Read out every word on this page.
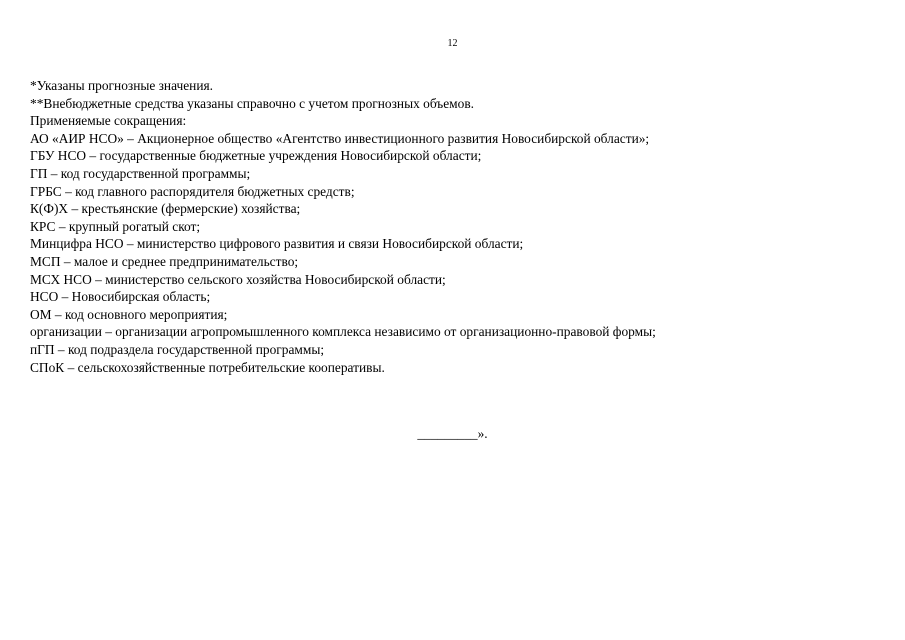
12
*Указаны прогнозные значения.
**Внебюджетные средства указаны справочно с учетом прогнозных объемов.
Применяемые сокращения:
АО «АИР НСО» – Акционерное общество «Агентство инвестиционного развития Новосибирской области»;
ГБУ НСО – государственные бюджетные учреждения Новосибирской области;
ГП – код государственной программы;
ГРБС – код главного распорядителя бюджетных средств;
К(Ф)Х – крестьянские (фермерские) хозяйства;
КРС – крупный рогатый скот;
Минцифра НСО – министерство цифрового развития и связи Новосибирской области;
МСП – малое и среднее предпринимательство;
МСХ НСО – министерство сельского хозяйства Новосибирской области;
НСО – Новосибирская область;
ОМ – код основного мероприятия;
организации – организации агропромышленного комплекса независимо от организационно-правовой формы;
пГП – код подраздела государственной программы;
СПоК – сельскохозяйственные потребительские кооперативы.
_________».
